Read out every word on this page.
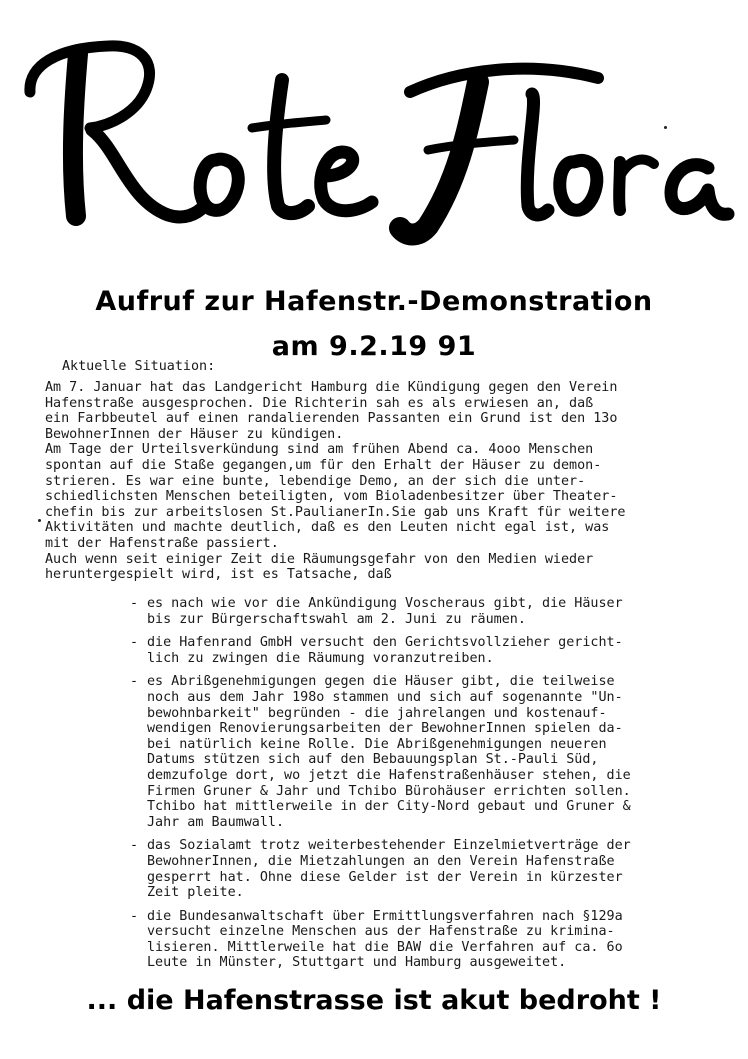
Aufruf zur Hafenstr.-Demonstration
am 9.2.19 91
Aktuelle Situation:
Am 7. Januar hat das Landgericht Hamburg die Kündigung gegen den Verein
Hafenstraße ausgesprochen. Die Richterin sah es als erwiesen an, daß
ein Farbbeutel auf einen randalierenden Passanten ein Grund ist den 13o
BewohnerInnen der Häuser zu kündigen.
Am Tage der Urteilsverkündung sind am frühen Abend ca. 4ooo Menschen
spontan auf die Staße gegangen,um für den Erhalt der Häuser zu demon-
strieren. Es war eine bunte, lebendige Demo, an der sich die unter-
schiedlichsten Menschen beteiligten, vom Bioladenbesitzer über Theater-
chefin bis zur arbeitslosen St.PaulianerIn.Sie gab uns Kraft für weitere
Aktivitäten und machte deutlich, daß es den Leuten nicht egal ist, was
mit der Hafenstraße passiert.
Auch wenn seit einiger Zeit die Räumungsgefahr von den Medien wieder
heruntergespielt wird, ist es Tatsache, daß
- es nach wie vor die Ankündigung Voscheraus gibt, die Häuser
bis zur Bürgerschaftswahl am 2. Juni zu räumen.
- die Hafenrand GmbH versucht den Gerichtsvollzieher gericht-
lich zu zwingen die Räumung voranzutreiben.
- es Abrißgenehmigungen gegen die Häuser gibt, die teilweise
noch aus dem Jahr 198o stammen und sich auf sogenannte "Un-
bewohnbarkeit" begründen - die jahrelangen und kostenauf-
wendigen Renovierungsarbeiten der BewohnerInnen spielen da-
bei natürlich keine Rolle. Die Abrißgenehmigungen neueren
Datums stützen sich auf den Bebauungsplan St.-Pauli Süd,
demzufolge dort, wo jetzt die Hafenstraßenhäuser stehen, die
Firmen Gruner & Jahr und Tchibo Bürohäuser errichten sollen.
Tchibo hat mittlerweile in der City-Nord gebaut und Gruner &
Jahr am Baumwall.
- das Sozialamt trotz weiterbestehender Einzelmietverträge der
BewohnerInnen, die Mietzahlungen an den Verein Hafenstraße
gesperrt hat. Ohne diese Gelder ist der Verein in kürzester
Zeit pleite.
- die Bundesanwaltschaft über Ermittlungsverfahren nach §129a
versucht einzelne Menschen aus der Hafenstraße zu krimina-
lisieren. Mittlerweile hat die BAW die Verfahren auf ca. 6o
Leute in Münster, Stuttgart und Hamburg ausgeweitet.
... die Hafenstrasse ist akut bedroht !
